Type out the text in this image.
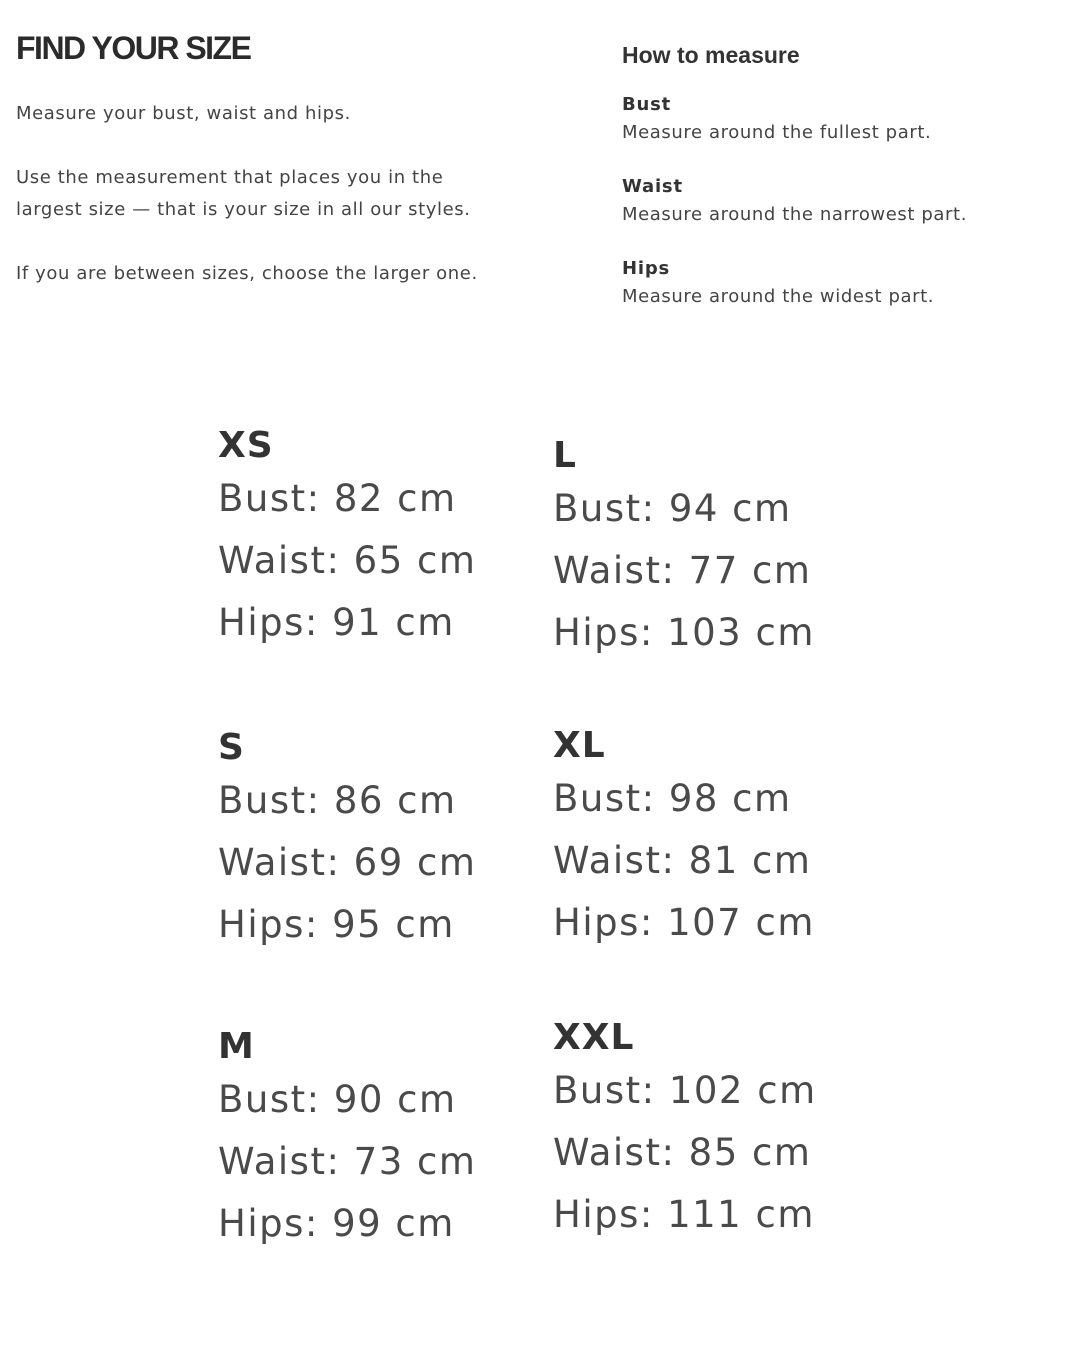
FIND YOUR SIZE

Measure your bust, waist and hips.

Use the measurement that places you in the largest size — that is your size in all our styles.

If you are between sizes, choose the larger one.

How to measure
Bust
Measure around the fullest part.
Waist
Measure around the narrowest part.
Hips
Measure around the widest part.
XS
Bust: 82 cm
Waist: 65 cm
Hips: 91 cm
S
Bust: 86 cm
Waist: 69 cm
Hips: 95 cm
M
Bust: 90 cm
Waist: 73 cm
Hips: 99 cm
L
Bust: 94 cm
Waist: 77 cm
Hips: 103 cm
XL
Bust: 98 cm
Waist: 81 cm
Hips: 107 cm
XXL
Bust: 102 cm
Waist: 85 cm
Hips: 111 cm
